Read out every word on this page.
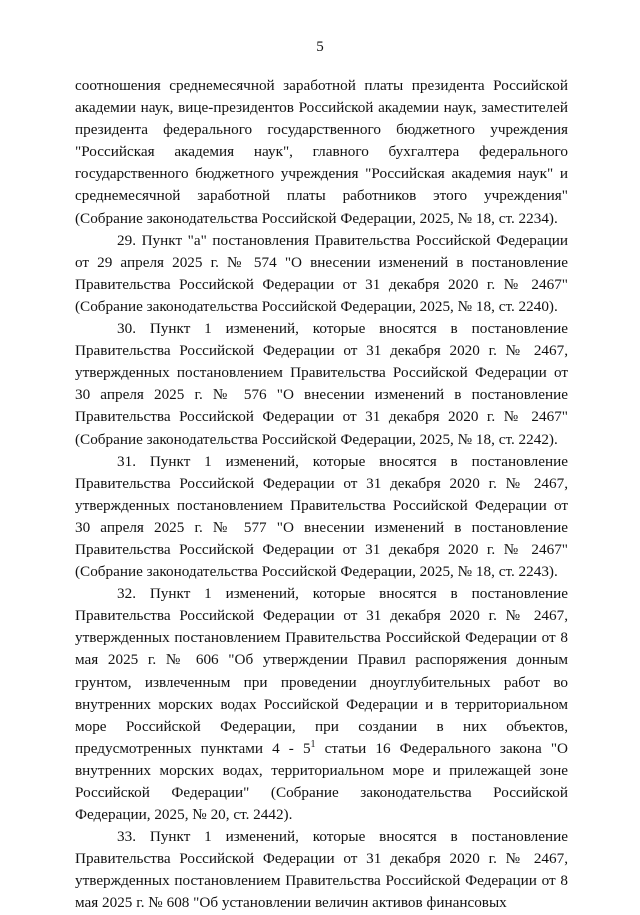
5

соотношения среднемесячной заработной платы президента Российской академии наук, вице-президентов Российской академии наук, заместителей президента федерального государственного бюджетного учреждения "Российская академия наук", главного бухгалтера федерального государственного бюджетного учреждения "Российская академия наук" и среднемесячной заработной платы работников этого учреждения" (Собрание законодательства Российской Федерации, 2025, № 18, ст. 2234).

29. Пункт "а" постановления Правительства Российской Федерации от 29 апреля 2025 г. № 574 "О внесении изменений в постановление Правительства Российской Федерации от 31 декабря 2020 г. № 2467" (Собрание законодательства Российской Федерации, 2025, № 18, ст. 2240).

30. Пункт 1 изменений, которые вносятся в постановление Правительства Российской Федерации от 31 декабря 2020 г. № 2467, утвержденных постановлением Правительства Российской Федерации от 30 апреля 2025 г. № 576 "О внесении изменений в постановление Правительства Российской Федерации от 31 декабря 2020 г. № 2467" (Собрание законодательства Российской Федерации, 2025, № 18, ст. 2242).

31. Пункт 1 изменений, которые вносятся в постановление Правительства Российской Федерации от 31 декабря 2020 г. № 2467, утвержденных постановлением Правительства Российской Федерации от 30 апреля 2025 г. № 577 "О внесении изменений в постановление Правительства Российской Федерации от 31 декабря 2020 г. № 2467" (Собрание законодательства Российской Федерации, 2025, № 18, ст. 2243).

32. Пункт 1 изменений, которые вносятся в постановление Правительства Российской Федерации от 31 декабря 2020 г. № 2467, утвержденных постановлением Правительства Российской Федерации от 8 мая 2025 г. № 606 "Об утверждении Правил распоряжения донным грунтом, извлеченным при проведении дноуглубительных работ во внутренних морских водах Российской Федерации и в территориальном море Российской Федерации, при создании в них объектов, предусмотренных пунктами $4 - 5^1$ статьи 16 Федерального закона "О внутренних морских водах, территориальном море и прилежащей зоне Российской Федерации" (Собрание законодательства Российской Федерации, 2025, № 20, ст. 2442).

33. Пункт 1 изменений, которые вносятся в постановление Правительства Российской Федерации от 31 декабря 2020 г. № 2467, утвержденных постановлением Правительства Российской Федерации от 8 мая 2025 г. № 608 "Об установлении величин активов финансовых
